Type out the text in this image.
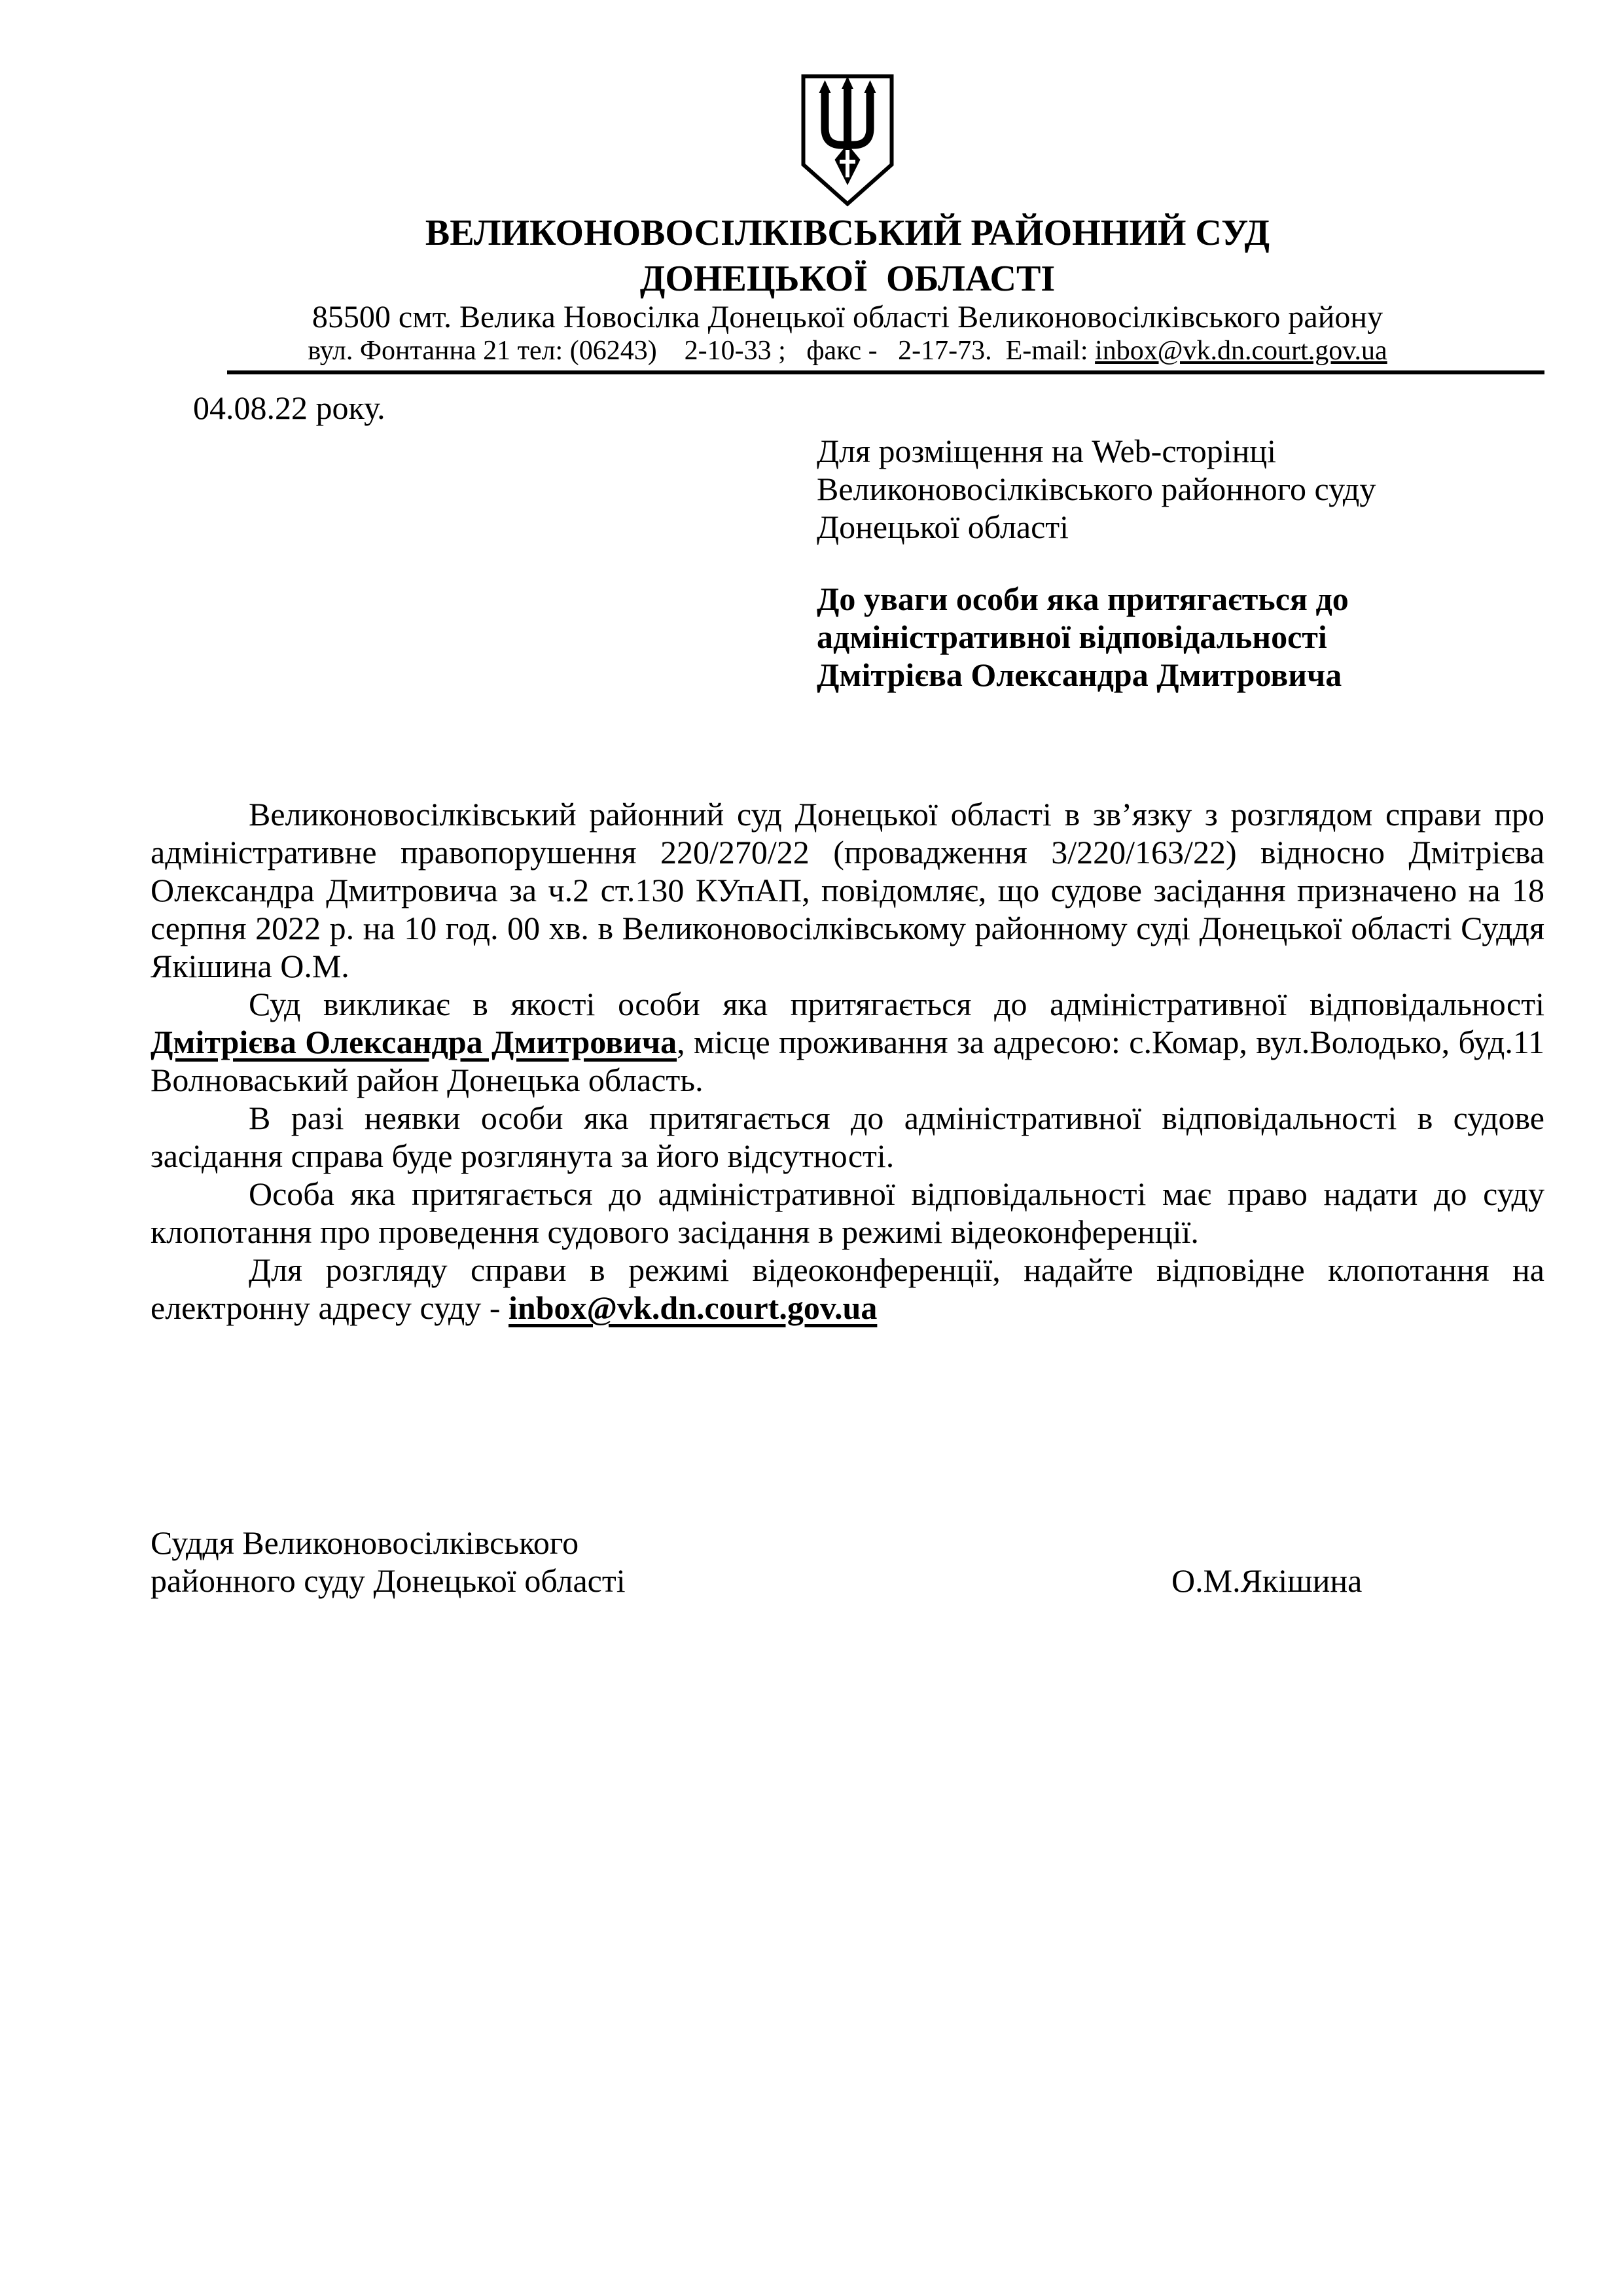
ВЕЛИКОНОВОСІЛКІВСЬКИЙ РАЙОННИЙ СУД
ДОНЕЦЬКОЇ  ОБЛАСТІ
85500 смт. Велика Новосілка Донецької області Великоновосілківського району
вул. Фонтанна 21 тел: (06243)    2-10-33 ;   факс -   2-17-73.  E-mail: inbox@vk.dn.court.gov.ua
04.08.22 року.
Для розміщення на Web-сторінці
Великоновосілківського районного суду
Донецької області
До уваги особи яка притягається до
адміністративної відповідальності
Дмітрієва Олександра Дмитровича

Великоновосілківський районний суд Донецької області в зв’язку з розглядом справи про адміністративне правопорушення 220/270/22 (провадження 3/220/163/22) відносно Дмітрієва Олександра Дмитровича за ч.2 ст.130 КУпАП, повідомляє, що судове засідання призначено на 18 серпня 2022 р. на 10 год. 00 хв. в Великоновосілківському районному суді Донецької області Суддя Якішина О.М.

Суд викликає в якості особи яка притягається до адміністративної відповідальності Дмітрієва Олександра Дмитровича, місце проживання за адресою: с.Комар, вул.Володько, буд.11 Волноваський район Донецька область.

В разі неявки особи яка притягається до адміністративної відповідальності в судове засідання справа буде розглянута за його відсутності.

Особа яка притягається до адміністративної відповідальності має право надати до суду клопотання про проведення судового засідання в режимі відеоконференції.

Для розгляду справи в режимі відеоконференції, надайте відповідне клопотання на електронну адресу суду - inbox@vk.dn.court.gov.ua

Суддя Великоновосілківського
районного суду Донецької області	О.М.Якішина
